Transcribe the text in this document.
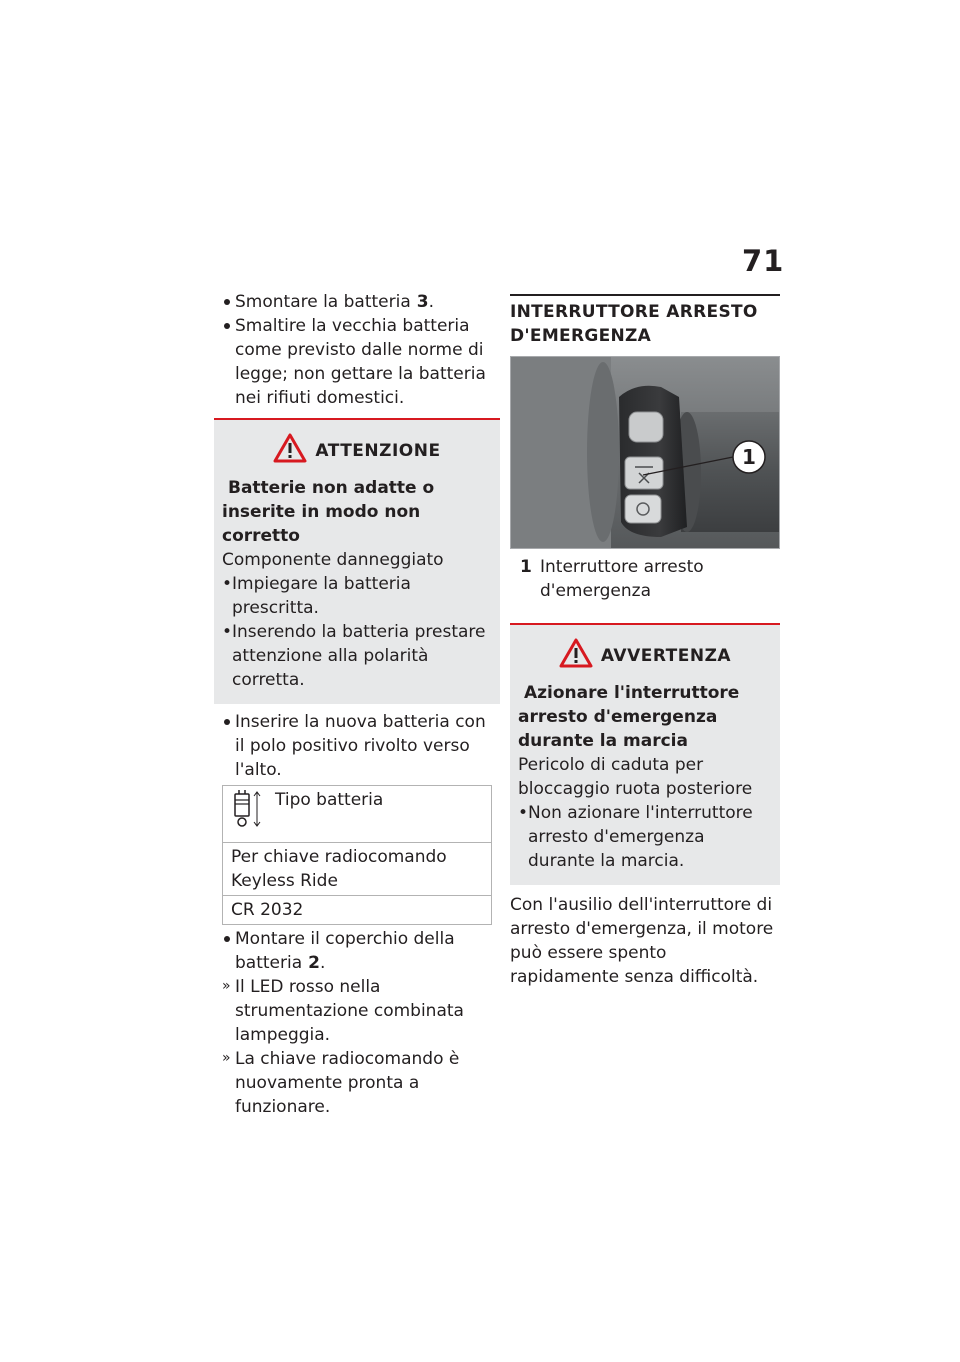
71
Smontare la batteria 3.
Smaltire la vecchia batteria come previsto dalle norme di legge; non gettare la batteria nei rifiuti domestici.
ATTENZIONE
Batterie non adatte o inserite in modo non corretto
Componente danneggiato
• Impiegare la batteria prescritta.
• Inserendo la batteria prestare attenzione alla polarità corretta.
Inserire la nuova batteria con il polo positivo rivolto verso l'alto.
Tipo batteria

Per chiave radiocomando Keyless Ride
CR 2032
Montare il coperchio della batteria 2.
» Il LED rosso nella strumentazione combinata lampeggia.
» La chiave radiocomando è nuovamente pronta a funzionare.
INTERRUTTORE ARRESTO D'EMERGENZA
1
1 Interruttore arresto d'emergenza
AVVERTENZA
Azionare l'interruttore arresto d'emergenza durante la marcia
Pericolo di caduta per bloccaggio ruota posteriore
• Non azionare l'interruttore arresto d'emergenza durante la marcia.
Con l'ausilio dell'interruttore di arresto d'emergenza, il motore può essere spento rapidamente senza difficoltà.
